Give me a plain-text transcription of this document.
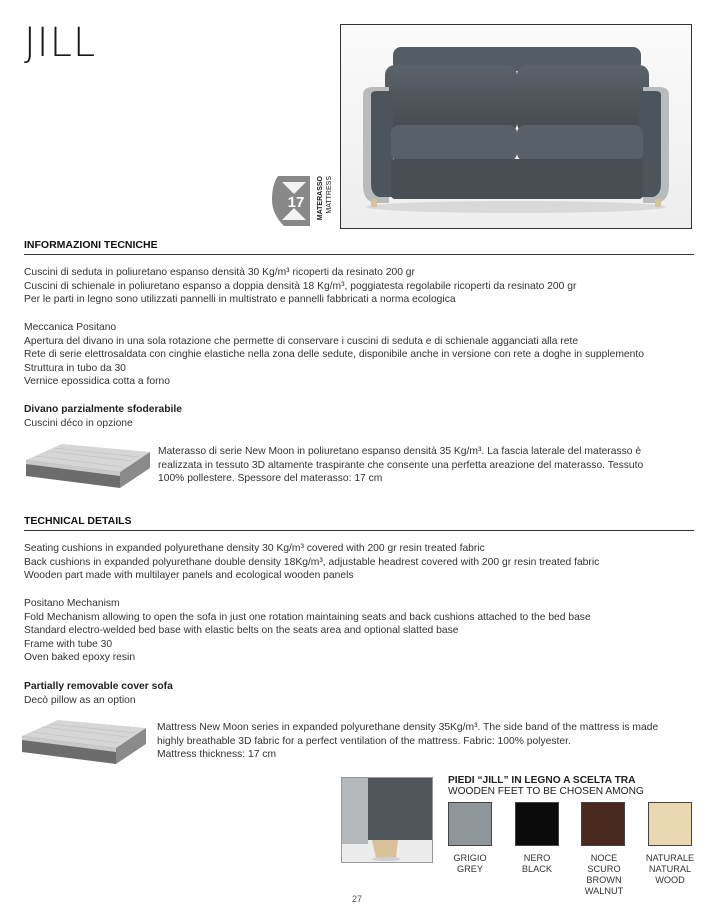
JILL
17 MATERASSO MATTRESS
INFORMAZIONI TECNICHE
Cuscini di seduta in poliuretano espanso densità 30 Kg/m³ ricoperti da resinato 200 gr
Cuscini di schienale in poliuretano espanso a doppia densità 18 Kg/m³, poggiatesta regolabile ricoperti da resinato 200 gr
Per le parti in legno sono utilizzati pannelli in multistrato e pannelli fabbricati a norma ecologica
Meccanica Positano
Apertura del divano in una sola rotazione che permette di conservare i cuscini di seduta e di schienale agganciati alla rete
Rete di serie elettrosaldata con cinghie elastiche nella zona delle sedute, disponibile anche in versione con rete a doghe in supplemento
Struttura in tubo da 30
Vernice epossidica cotta a forno
Divano parzialmente sfoderabile
Cuscini déco in opzione
Materasso di serie New Moon in poliuretano espanso densità 35 Kg/m³. La fascia laterale del materasso è
realizzata in tessuto 3D altamente traspirante che consente una perfetta areazione del materasso. Tessuto
100% pollestere. Spessore del materasso: 17 cm
TECHNICAL DETAILS
Seating cushions in expanded polyurethane density 30 Kg/m³ covered with 200 gr resin treated fabric
Back cushions in expanded polyurethane double density 18Kg/m³, adjustable headrest covered with 200 gr resin treated fabric
Wooden part made with multilayer panels and ecological wooden panels
Positano Mechanism
Fold Mechanism allowing to open the sofa in just one rotation maintaining seats and back cushions attached to the bed base
Standard electro-welded bed base with elastic belts on the seats area and optional slatted base
Frame with tube 30
Oven baked epoxy resin
Partially removable cover sofa
Decò pillow as an option
Mattress New Moon series in expanded polyurethane density 35Kg/m³. The side band of the mattress is made
highly breathable 3D fabric for a perfect ventilation of the mattress. Fabric: 100% polyester.
Mattress thickness: 17 cm
PIEDI “JILL” IN LEGNO A SCELTA TRA
WOODEN FEET TO BE CHOSEN AMONG
GRIGIO
GREY
NERO
BLACK
NOCE
SCURO
BROWN WALNUT
NATURALE
NATURAL
WOOD
27
